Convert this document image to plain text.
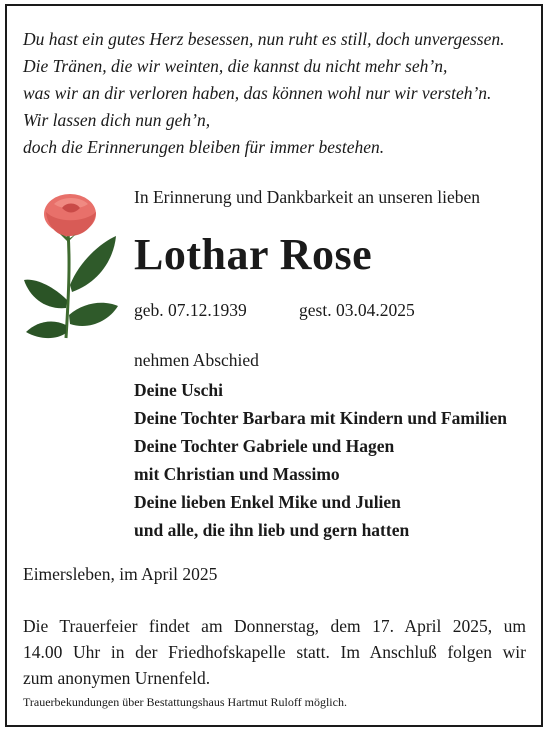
Du hast ein gutes Herz besessen, nun ruht es still, doch unvergessen.
Die Tränen, die wir weinten, die kannst du nicht mehr seh’n,
was wir an dir verloren haben, das können wohl nur wir versteh’n.
Wir lassen dich nun geh’n,
doch die Erinnerungen bleiben für immer bestehen.
In Erinnerung und Dankbarkeit an unseren lieben
Lothar Rose
geb. 07.12.1939	gest. 03.04.2025
nehmen Abschied
Deine Uschi
Deine Tochter Barbara mit Kindern und Familien
Deine Tochter Gabriele und Hagen
mit Christian und Massimo
Deine lieben Enkel Mike und Julien
und alle, die ihn lieb und gern hatten
Eimersleben, im April 2025
Die Trauerfeier findet am Donnerstag, dem 17. April 2025, um
14.00 Uhr in der Friedhofskapelle statt. Im Anschluß folgen wir
zum anonymen Urnenfeld.
Trauerbekundungen über Bestattungshaus Hartmut Ruloff möglich.
